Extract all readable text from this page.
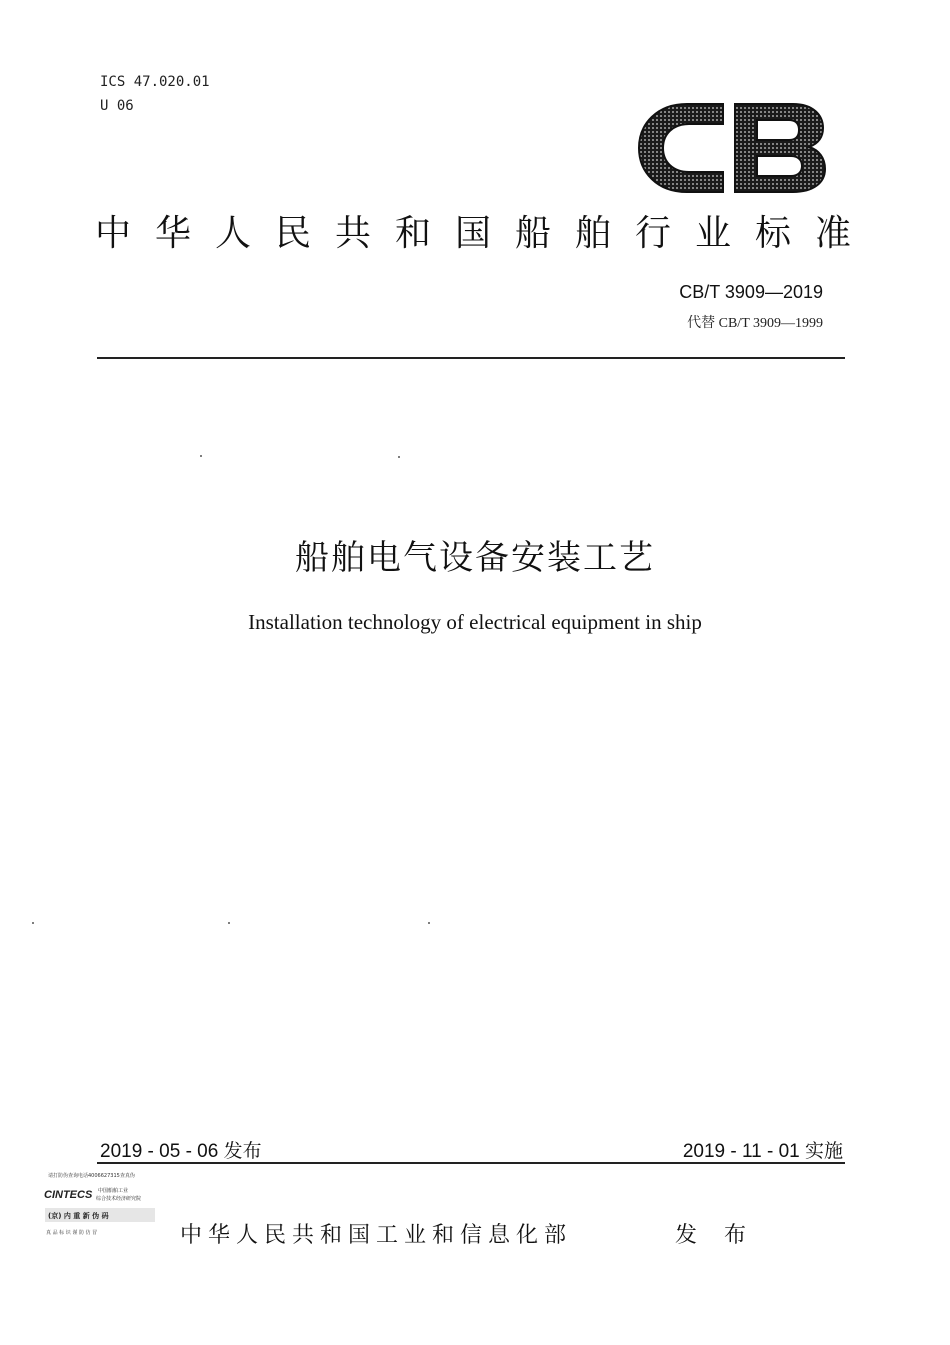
ICS 47.020.01
U 06
中华人民共和国船舶行业标准
CB/T 3909—2019
代替 CB/T 3909—1999
船舶电气设备安装工艺
Installation technology of electrical equipment in ship
2019 - 05 - 06 发布	2019 - 11 - 01 实施
请打防伪查询电话4006627315查真伪
CINTECS 中国船舶工业
综合技术经济研究院
(京) 内 重 新 伪 码
真 品 标 识 谨 防 仿 冒	中华人民共和国工业和信息化部	发 布
